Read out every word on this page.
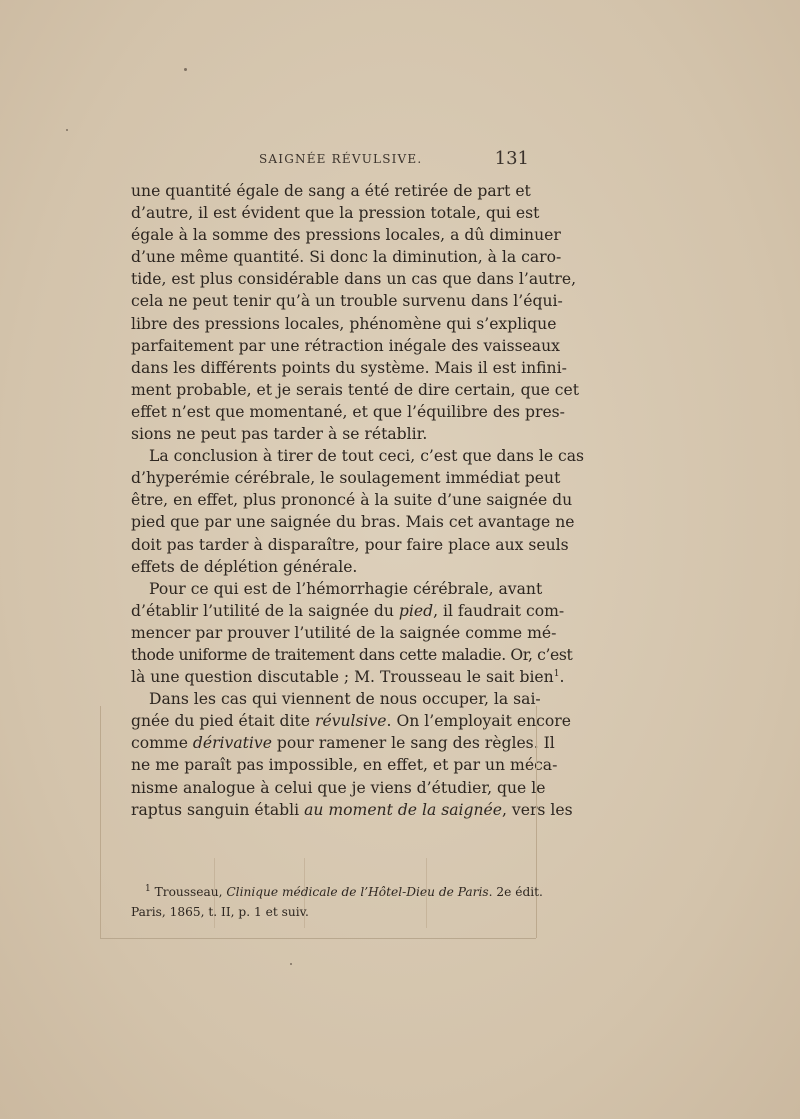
SAIGNÉE RÉVULSIVE.	131
une quantité égale de sang a été retirée de part et
d’autre, il est évident que la pression totale, qui est
égale à la somme des pressions locales, a dû diminuer
d’une même quantité. Si donc la diminution, à la caro-
tide, est plus considérable dans un cas que dans l’autre,
cela ne peut tenir qu’à un trouble survenu dans l’équi-
libre des pressions locales, phénomène qui s’explique
parfaitement par une rétraction inégale des vaisseaux
dans les différents points du système. Mais il est infini-
ment probable, et je serais tenté de dire certain, que cet
effet n’est que momentané, et que l’équilibre des pres-
sions ne peut pas tarder à se rétablir.
La conclusion à tirer de tout ceci, c’est que dans le cas
d’hyperémie cérébrale, le soulagement immédiat peut
être, en effet, plus prononcé à la suite d’une saignée du
pied que par une saignée du bras. Mais cet avantage ne
doit pas tarder à disparaître, pour faire place aux seuls
effets de déplétion générale.
Pour ce qui est de l’hémorrhagie cérébrale, avant
d’établir l’utilité de la saignée du pied, il faudrait com-
mencer par prouver l’utilité de la saignée comme mé-
thode uniforme de traitement dans cette maladie. Or, c’est
là une question discutable ; M. Trousseau le sait bien$^1$.
Dans les cas qui viennent de nous occuper, la sai-
gnée du pied était dite révulsive. On l’employait encore
comme dérivative pour ramener le sang des règles. Il
ne me paraît pas impossible, en effet, et par un méca-
nisme analogue à celui que je viens d’étudier, que le
raptus sanguin établi au moment de la saignée, vers les
$^1$ Trousseau, Clinique médicale de l’Hôtel-Dieu de Paris. 2e édit.
Paris, 1865, t. II, p. 1 et suiv.
